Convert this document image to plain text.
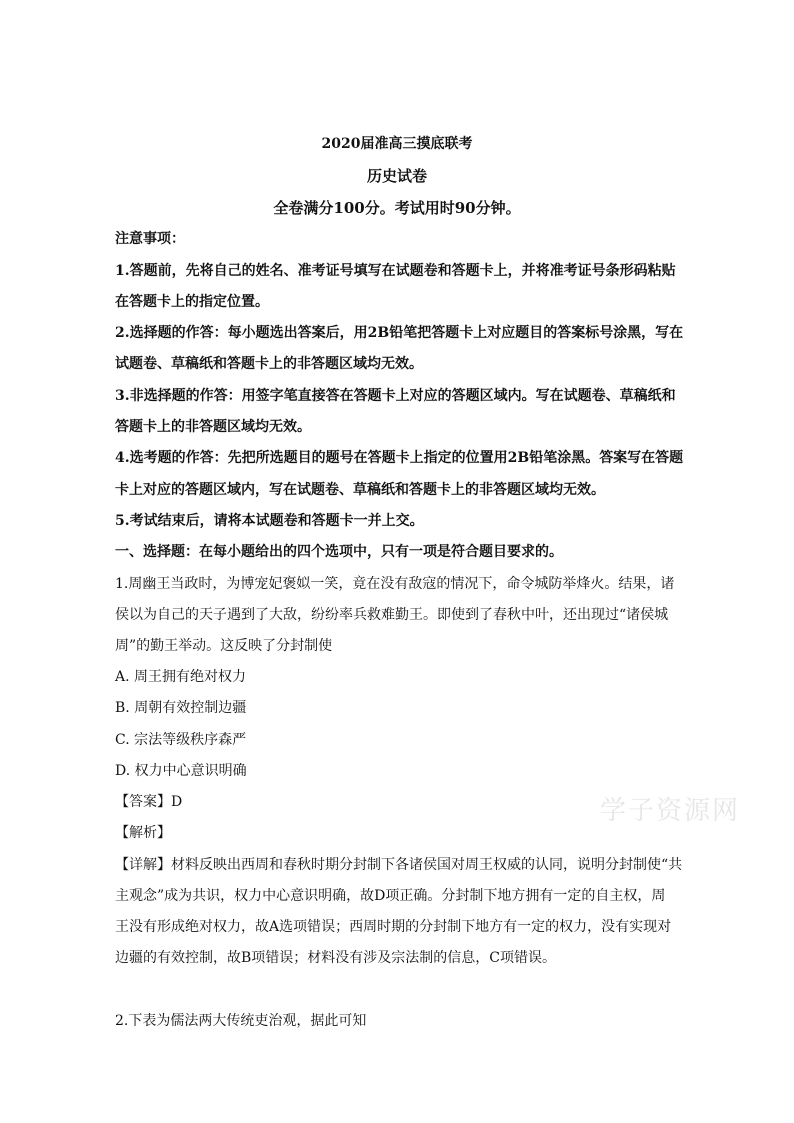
2020届准高三摸底联考
历史试卷
全卷满分100分。考试用时90分钟。
注意事项：
1.答题前，先将自己的姓名、准考证号填写在试题卷和答题卡上，并将准考证号条形码粘贴
在答题卡上的指定位置。
2.选择题的作答：每小题选出答案后，用2B铅笔把答题卡上对应题目的答案标号涂黑，写在
试题卷、草稿纸和答题卡上的非答题区域均无效。
3.非选择题的作答：用签字笔直接答在答题卡上对应的答题区域内。写在试题卷、草稿纸和
答题卡上的非答题区域均无效。
4.选考题的作答：先把所选题目的题号在答题卡上指定的位置用2B铅笔涂黑。答案写在答题
卡上对应的答题区域内，写在试题卷、草稿纸和答题卡上的非答题区域均无效。
5.考试结束后，请将本试题卷和答题卡一并上交。
一、选择题：在每小题给出的四个选项中，只有一项是符合题目要求的。
1.周幽王当政时，为博宠妃褒姒一笑，竟在没有敌寇的情况下，命令城防举烽火。结果，诸
侯以为自己的天子遇到了大敌，纷纷率兵救难勤王。即使到了春秋中叶，还出现过“诸侯城
周”的勤王举动。这反映了分封制使
A. 周王拥有绝对权力
B. 周朝有效控制边疆
C. 宗法等级秩序森严
D. 权力中心意识明确
【答案】D
【解析】
【详解】材料反映出西周和春秋时期分封制下各诸侯国对周王权威的认同，说明分封制使“共
主观念”成为共识，权力中心意识明确，故D项正确。分封制下地方拥有一定的自主权，周
王没有形成绝对权力，故A选项错误；西周时期的分封制下地方有一定的权力，没有实现对
边疆的有效控制，故B项错误；材料没有涉及宗法制的信息，C项错误。
2.下表为儒法两大传统吏治观，据此可知
学子资源网
